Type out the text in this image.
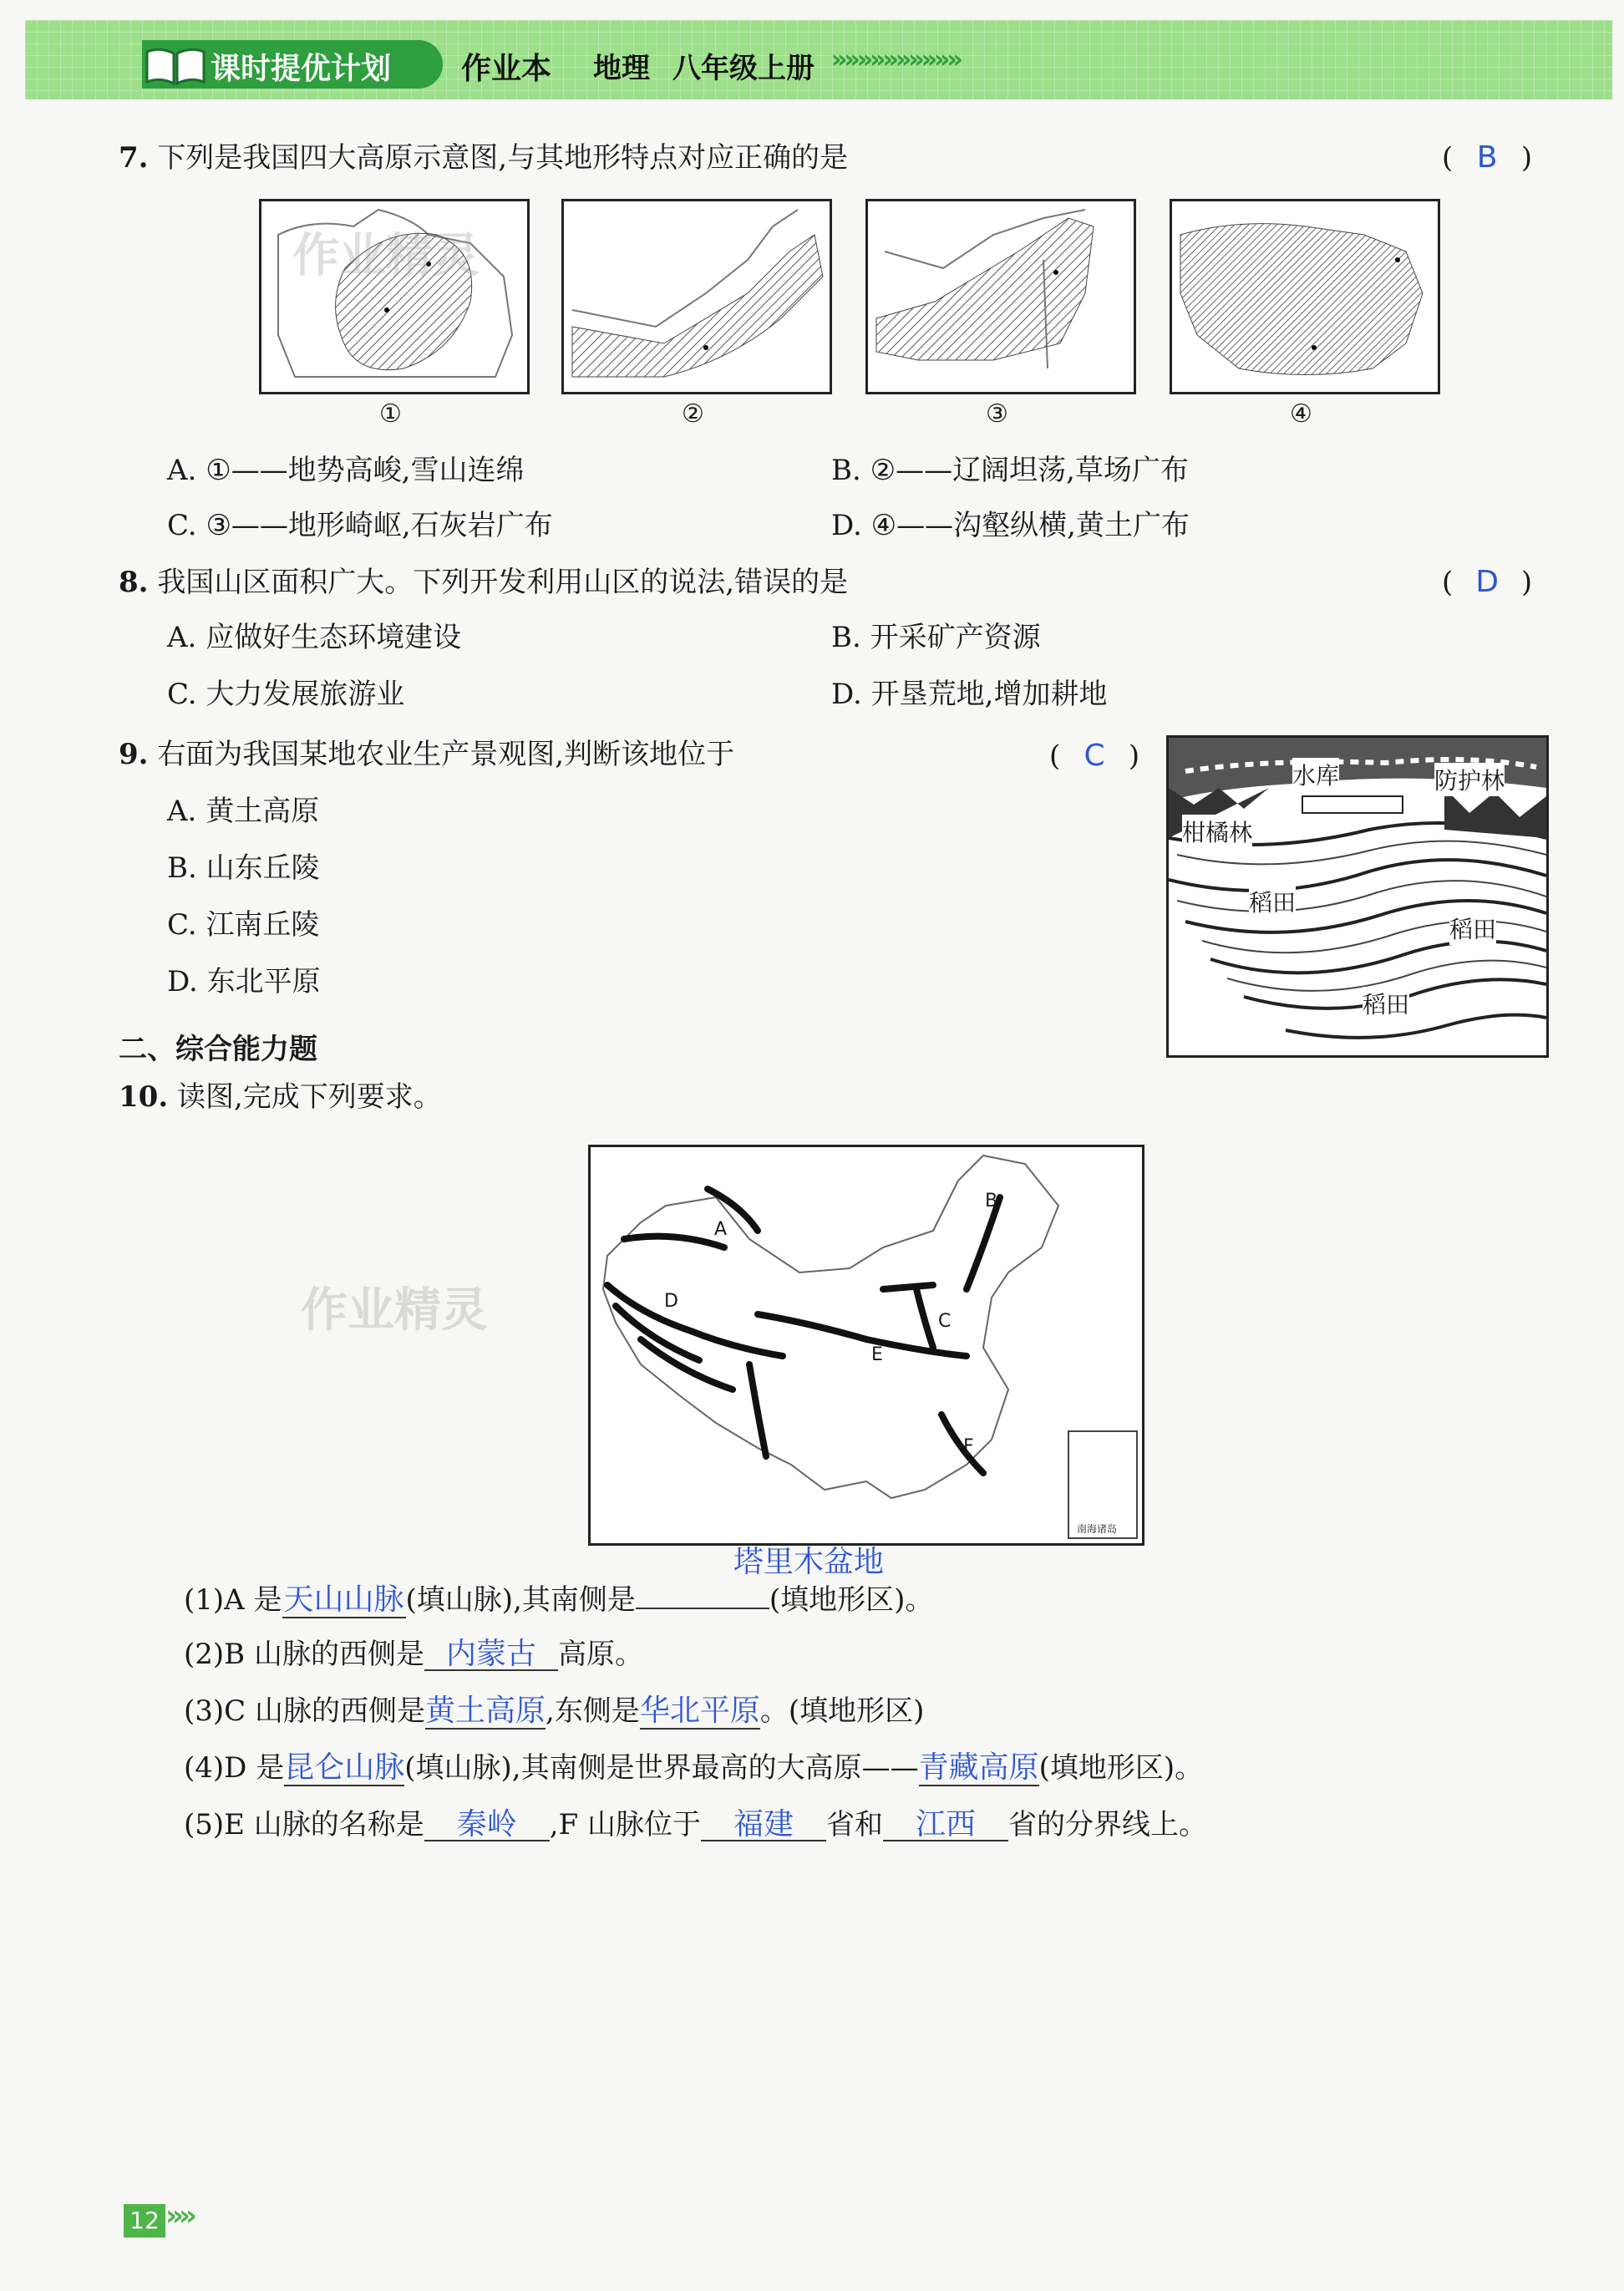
课时提优计划 作业本 地理 八年级上册 »»»»»»»»»»
7. 下列是我国四大高原示意图,与其地形特点对应正确的是	( B )
①	②	③	④
A. ①——地势高峻,雪山连绵	B. ②——辽阔坦荡,草场广布
C. ③——地形崎岖,石灰岩广布	D. ④——沟壑纵横,黄土广布
8. 我国山区面积广大。下列开发利用山区的说法,错误的是	( D )
A. 应做好生态环境建设	B. 开采矿产资源
C. 大力发展旅游业	D. 开垦荒地,增加耕地
9. 右面为我国某地农业生产景观图,判断该地位于	( C )
A. 黄土高原
B. 山东丘陵
C. 江南丘陵
D. 东北平原
水库	防护林
柑橘林
稻田
稻田
稻田
二、综合能力题
10. 读图,完成下列要求。
A
B
C
D
E
F
南海诸岛
作业精灵
作业精灵
塔里木盆地
(1)A 是天山山脉(填山脉),其南侧是	(填地形区)。
(2)B 山脉的西侧是 内蒙古 高原。
(3)C 山脉的西侧是黄土高原,东侧是华北平原。(填地形区)
(4)D 是昆仑山脉(填山脉),其南侧是世界最高的大高原——青藏高原(填地形区)。
(5)E 山脉的名称是 秦岭 ,F 山脉位于 福建 省和 江西 省的分界线上。
12 »»
